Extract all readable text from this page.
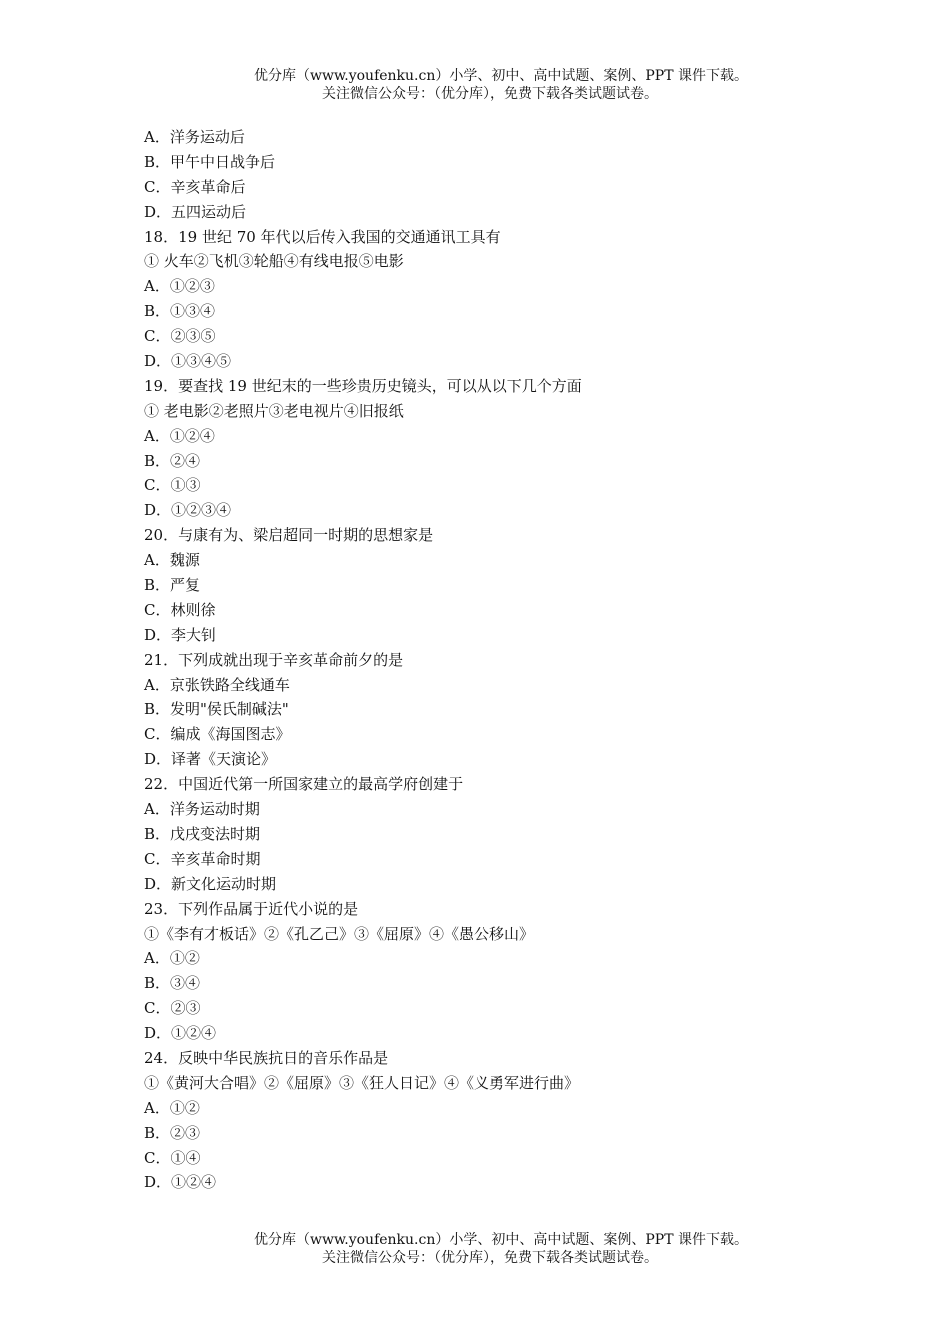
优分库（www.youfenku.cn）小学、初中、高中试题、案例、PPT 课件下载。
关注微信公众号：（优分库），免费下载各类试题试卷。
A．洋务运动后
B．甲午中日战争后
C．辛亥革命后
D．五四运动后
18．19 世纪 70 年代以后传入我国的交通通讯工具有
① 火车②飞机③轮船④有线电报⑤电影
A．①②③
B．①③④
C．②③⑤
D．①③④⑤
19．要查找 19 世纪末的一些珍贵历史镜头，可以从以下几个方面
① 老电影②老照片③老电视片④旧报纸
A．①②④
B．②④
C．①③
D．①②③④
20．与康有为、梁启超同一时期的思想家是
A．魏源
B．严复
C．林则徐
D．李大钊
21．下列成就出现于辛亥革命前夕的是
A．京张铁路全线通车
B．发明"侯氏制碱法"
C．编成《海国图志》
D．译著《天演论》
22．中国近代第一所国家建立的最高学府创建于
A．洋务运动时期
B．戊戌变法时期
C．辛亥革命时期
D．新文化运动时期
23．下列作品属于近代小说的是
①《李有才板话》②《孔乙己》③《屈原》④《愚公移山》
A．①②
B．③④
C．②③
D．①②④
24．反映中华民族抗日的音乐作品是
①《黄河大合唱》②《屈原》③《狂人日记》④《义勇军进行曲》
A．①②
B．②③
C．①④
D．①②④
优分库（www.youfenku.cn）小学、初中、高中试题、案例、PPT 课件下载。
关注微信公众号：（优分库），免费下载各类试题试卷。
